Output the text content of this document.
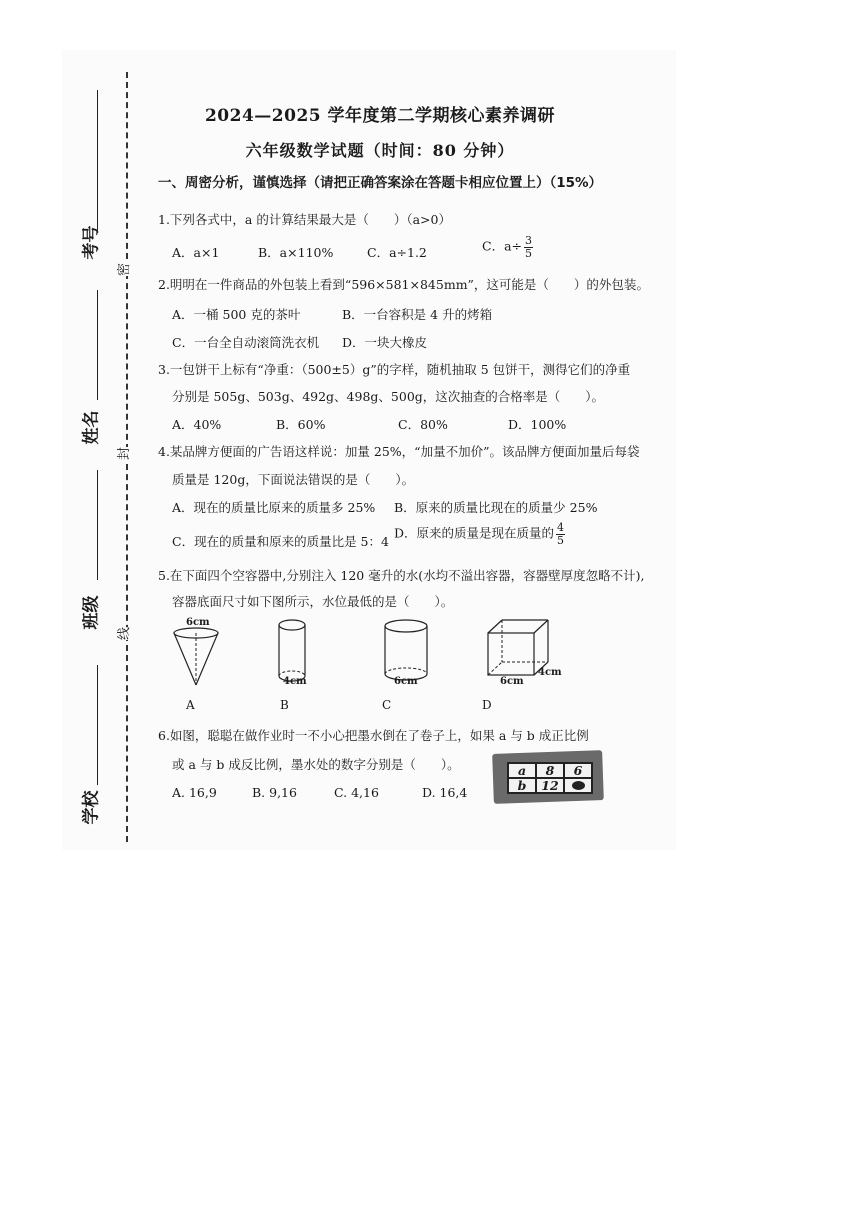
考号
姓名
班级
学校
密
封
线
2024—2025 学年度第二学期核心素养调研
六年级数学试题（时间：80 分钟）
一、周密分析，谨慎选择（请把正确答案涂在答题卡相应位置上）（15%）
1.下列各式中，a 的计算结果最大是（　　）（a>0）
A．a×1	B．a×110%	C．a÷1.2	C．$a\div \frac{3}{5}$
2.明明在一件商品的外包装上看到“596×581×845mm”，这可能是（　　）的外包装。
A．一桶 500 克的茶叶	B．一台容积是 4 升的烤箱
C．一台全自动滚筒洗衣机 D．一块大橡皮
3.一包饼干上标有“净重：（500±5）g”的字样，随机抽取 5 包饼干，测得它们的净重
分别是 505g、503g、492g、498g、500g，这次抽查的合格率是（　　）。
A．40%	B．60%	C．80%	D．100%
4.某品牌方便面的广告语这样说：加量 25%，“加量不加价”。该品牌方便面加量后每袋
质量是 120g，下面说法错误的是（　　）。
A．现在的质量比原来的质量多 25% B．原来的质量比现在的质量少 25%
C．现在的质量和原来的质量比是 5：4
D．原来的质量是现在质量的 $\frac{4}{5}$
5.在下面四个空容器中,分别注入 120 毫升的水(水均不溢出容器，容器壁厚度忽略不计),
容器底面尺寸如下图所示，水位最低的是（　　）。
6cm
A
4cm
B
6cm
C
6cm
4cm
D
6.如图，聪聪在做作业时一不小心把墨水倒在了卷子上，如果 a 与 b 成正比例
或 a 与 b 成反比例，墨水处的数字分别是（　　）。
A. 16,9	B. 9,16	C. 4,16	D. 16,4
a	8	6
b	12	
